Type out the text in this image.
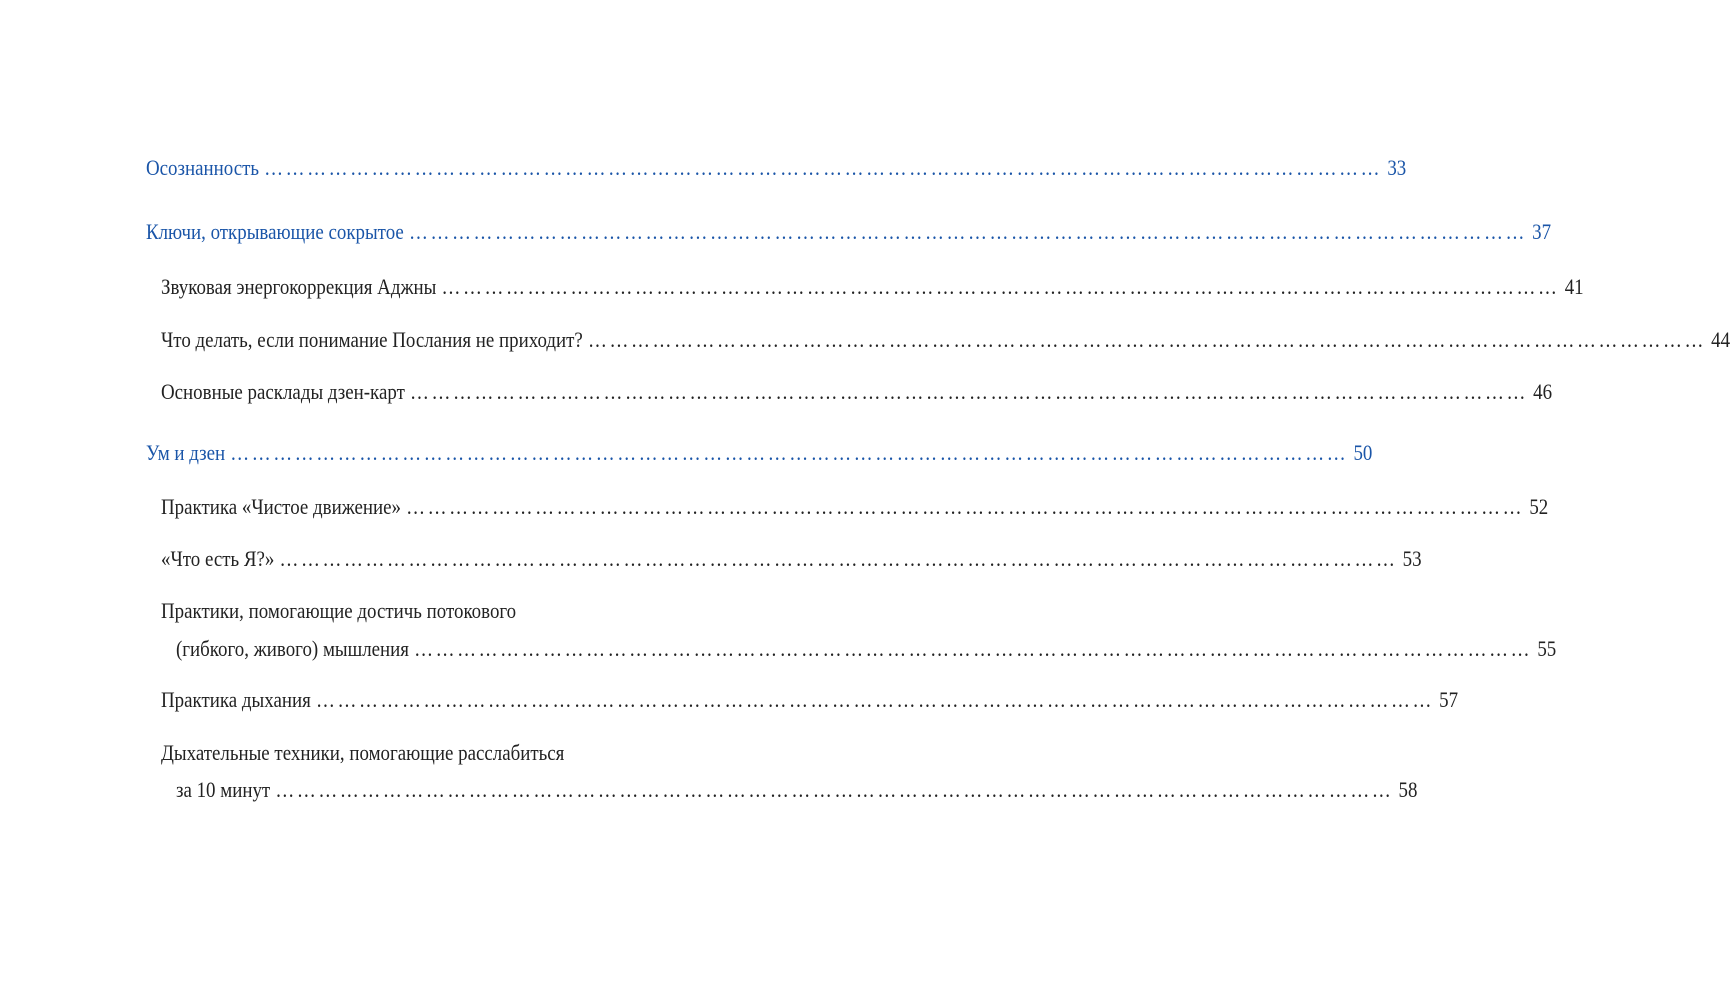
Осознанность ………………………………………………………………………………………………………………………………………… 33
Ключи, открывающие сокрытое ………………………………………………………………………………………………………………………………………… 37
Звуковая энергокоррекция Аджны ………………………………………………………………………………………………………………………………………… 41
Что делать, если понимание Послания не приходит? ………………………………………………………………………………………………………………………………………… 44
Основные расклады дзен-карт ………………………………………………………………………………………………………………………………………… 46
Ум и дзен ………………………………………………………………………………………………………………………………………… 50
Практика «Чистое движение» ………………………………………………………………………………………………………………………………………… 52
«Что есть Я?» ………………………………………………………………………………………………………………………………………… 53
Практики, помогающие достичь потокового
(гибкого, живого) мышления ………………………………………………………………………………………………………………………………………… 55
Практика дыхания ………………………………………………………………………………………………………………………………………… 57
Дыхательные техники, помогающие расслабиться
за 10 минут ………………………………………………………………………………………………………………………………………… 58
